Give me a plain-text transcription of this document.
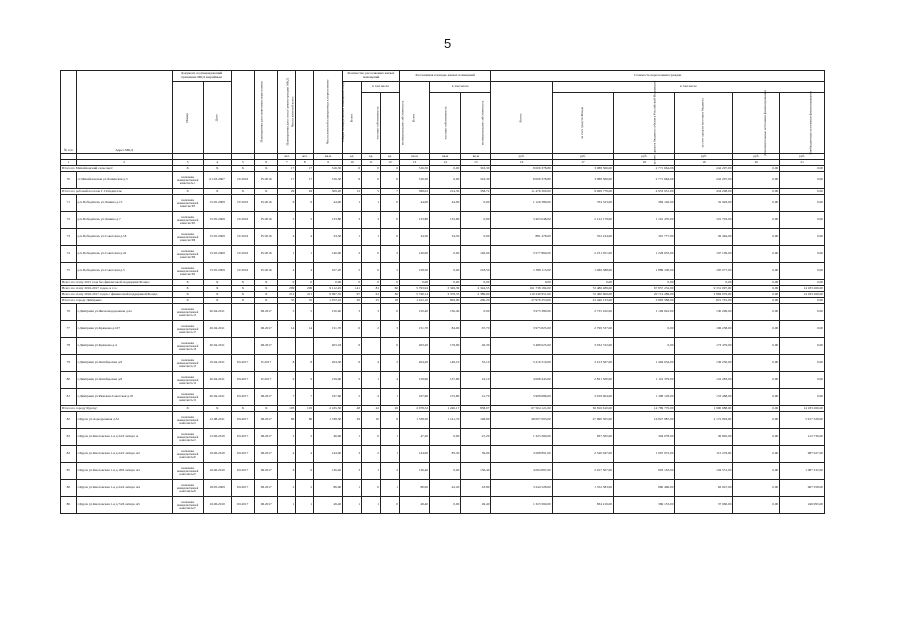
5
№ п/п	Адрес МКД	Документ, подтверждающий признание МКД аварийным		Планируемая дата окончания переселения	Планируемая дата сноса/ реконструкции МКД	Число жителей всего	Число жителей планируемых к переселению	Общая площадь жилых помещений МКД	Количество расселяемых жилых помещений			Расселяемая площадь жилых помещений			Стоимость переселения граждан					
		Номер	Дата						Всего	в том числе		Всего	в том числе		Всего:	в том числе				
										частная собственность	муниципальная собственность		частная собственность	муниципальная собственность		за счет средств Фонда	за счет средств бюджета субъекта Российской Федерации	за счет средств местного бюджета	Дополнительные источники финансирования	Внебюджетные источники финансирования
						чел.	чел.	кв.м	ед.	ед.	ед.	кв.м	кв.м	кв.м	руб.	руб.	руб.	руб.	руб.	руб.
1	2	3	4	5	6	7	8	9	10	11	12	13	14	15	16	17	18	19	20	21
Итого по Михайловский сельсовет:		X	X	X	X	17	17	316,30	6	0	6	316,30	0,00	316,30	8 006 378,80	3 088 306,00	2 771 664,06	242 207,00	0,00	0,00
70	ст.Михайловская ул.Ленинская д.3	заключение межведомственной комиссии № 1	01.03.2007	IV.2016	IV.2016	17	17	316,30	6	0	6	316,30	0,00	316,30	8 006 378,80	3 088 306,00	2 771 664,06	242 207,00	0,00	0,00
Итого по рабочий поселок Г. Победитель:		X	X	X	X	29	29	509,20	12	5	7	598,02	214,30	358,72	11 476 300,00	9 069 779,00	4 953 951,00	454 298,00	0,00	0,00
71	р.п.Победитель ул.Ленина д.13	заключение межведомственной комиссии 383	15.05.2009	IV.2016	IV.2016	6	6	44,00	1	1	0	44,00	44,00	0,00	1 129 389,00	704 323,00	384 140,00	32 926,00	0,00	0,00
72	р.п.Победитель ул.Ленина д.7	заключение межведомственной комиссии 385	15.05.2009	IV.2016	IV.2016	5	5	133,80	3	3	0	133,80	133,80	0,00	3 403 048,00	2 122 179,00	1 161 470,00	101 793,00	0,00	0,00
73	р.п.Победитель ул.Советская д.18	заключение межведомственной комиссии 386	15.05.2009	IV.2016	IV.2016	4	4	34,50	1	1	0	34,50	34,50	0,00	881 478,00	552 234,00	301 777,00	26 464,00	0,00	0,00
74	р.п.Победитель ул.Советская д.22	заключение межведомственной комиссии 389	15.05.2009	IV.2016	IV.2016	1	1	140,00	2	0	2	140,00	0,00	140,00	3 577 860,00	2 231 051,00	1 228 635,00	107 109,00	0,00	0,00
75	р.п.Победитель ул.Советская д.5	заключение межведомственной комиссии 392	15.05.2009	IV.2016	IV.2016	4	4	107,20	5	0	5	218,50	0,00	218,50	1 388 115,00	1 486 388,00	1 889 100,00	165 077,00	0,00	0,00
Всего по этапу 2015 года без финансовой поддержки Фонда:		X	X	X	X	0	0	0,00	0	0	0	0,00	0,00	0,00	0,00	0,00	0,00	0,00	0,00	0,00
Всего по этапу 2016-2017 годов, в т.ч.:		X	X	X	X	299	299	9 112,45	141	81	60	5 793,94	3 349,39	2 344,55	161 738 184,00	72 486 489,00	67 857 232,00	9 331 097,00	0,00	14 183 266,00
Всего по этапу 2016-2017 годов с финансовой поддержкой Фонда:		X	X	X	X	211	211	6 097,35	97	61	36	5 746,14	3 376,35	2 389,00	110 240 951,00	72 460 609,00	20 714 286,00	2 884 976,00	0,00	14 183 266,00
Итого по городу Дмитриев:		X	X	X	X	35	35	1 072,10	20	25	18	1 012,10	829,90	200,20	27 970 353,00	23 446 133,00	3 893 586,00	821 761,00	0,00	0,00
76	г.Дмитриев ул.Железнодорожная д.2а	заключение межведомственной комиссии № 55	20.04.2011		III.2017	5	5	150,40	3	3	0	150,40	150,40	0,00	3 975 380,00	2 735 162,00	1 109 922,00	130 296,00	0,00	0,00
77	г.Дмитриев ул.Крюкова д.107	заключение межведомственной комиссии № 57	20.04.2011		III.2017	14	14	151,70	6	2	3	151,70	84,00	67,70	3 975 825,00	2 799 537,00	0,00	106 238,00	0,00	0,00
78	г.Дмитриев ул.Крюкова д.4	заключение межведомственной комиссии № 58	20.04.2011		III.2017			203,18	6		6	203,20	176,90	26,30	5 489 025,00	3 032 722,00	0,00	173 479,00	0,00	0,00
79	г.Дмитриев ул.Октябрьская д.9	заключение межведомственной комиссии № 53	19.04.2011	III.2017	II.2017	8	8	204,30	6	4	2	204,20	149,10	55,10	5 219 310,00	3 413 567,00	1 464 034,00	136 250,00	0,00	0,00
80	г.Дмитриев ул.Октябрьская д.8	заключение межведомственной комиссии № 50	20.04.2011	III.2017	II.2017	9	9	159,90	5	1	4	159,90	137,80	22,10	4 068 443,00	2 821 500,00	1 119 379,00	122 283,00	0,00	0,00
81	г.Дмитриев ул.Ряжская-Советская д.25	заключение межведомственной комиссии № 52	20.04.2011	III.2017	III.2017	7	7	197,60	5	4	1	197,60	155,80	41,70	5 908 686,00	3 459 004,00	1 398 126,00	153 468,00	0,00	0,00
Итого по городу Курску:		X	X	X	X	105	105	2 165,50	48	22	26	2 078,32	1 240,17	838,07	67 504 121,00	36 816 610,00	14 789 770,00	1 990 688,00	0,00	14 183 266,00
82	г.Курск ул.Аэродромная д.32	заключение межведомственной комиссии №18	12.08.2011	III.2017	III.2017	86	86	1 338,30	29	10	9	1 338,30	1 141,70	106,60	48 007 095,00	27 090 305,00	16 827 987,00	2 172 993,00	0,00	5 917 328,00
83	г.Курск ул.Кисловская 1-я д.24/2 литера А	заключение межведомственной комиссии №21	15.06.2010	III.2017	III.2017	2	2	46,90	1	0	1	47,20	0,00	47,20	1 323 260,00	837 365,00	304 078,00	36 820,00	0,00	212 736,00
84	г.Курск ул.Кисловская 1-я д.24/2 литера А2	заключение межведомственной комиссии №26	16.06.2010	III.2017	III.2017	4	4	144,00	3	2	1	144,00	85,30	59,00	4 568 891,00	2 540 047,00	1 067 972,00	115 276,00	0,00	987 027,00
85	г.Курск ул.Кисловская 1-я д.18/6 литера А3	заключение межведомственной комиссии №25	16.06.2010	III.2017	III.2017	6	6	136,40	3	1	2	136,40	0,00	136,40	4 064 897,00	2 457 507,00	993 163,00	104 531,00	0,00	1 087 232,00
86	г.Курск ул.Кисловская 1-я д.24/4 литера А4	заключение межведомственной комиссии №29	18.05.2009	III.2017	III.2017	2	2	86,00	1	0	1	86,00	42,20	43,80	3 244 528,00	1 552 383,00	660 496,00	62 047,00	0,00	967 258,00
86	г.Курск ул.Кисловская 1-я д.74/6 литера А5	заключение межведомственной комиссии №27	16.06.2010	III.2017	III.2017	1	1	49,40	1	1	0	49,40	0,00	49,40	1 323 560,00	834 216,00	369 133,00	37 060,00	0,00	246 095,00
